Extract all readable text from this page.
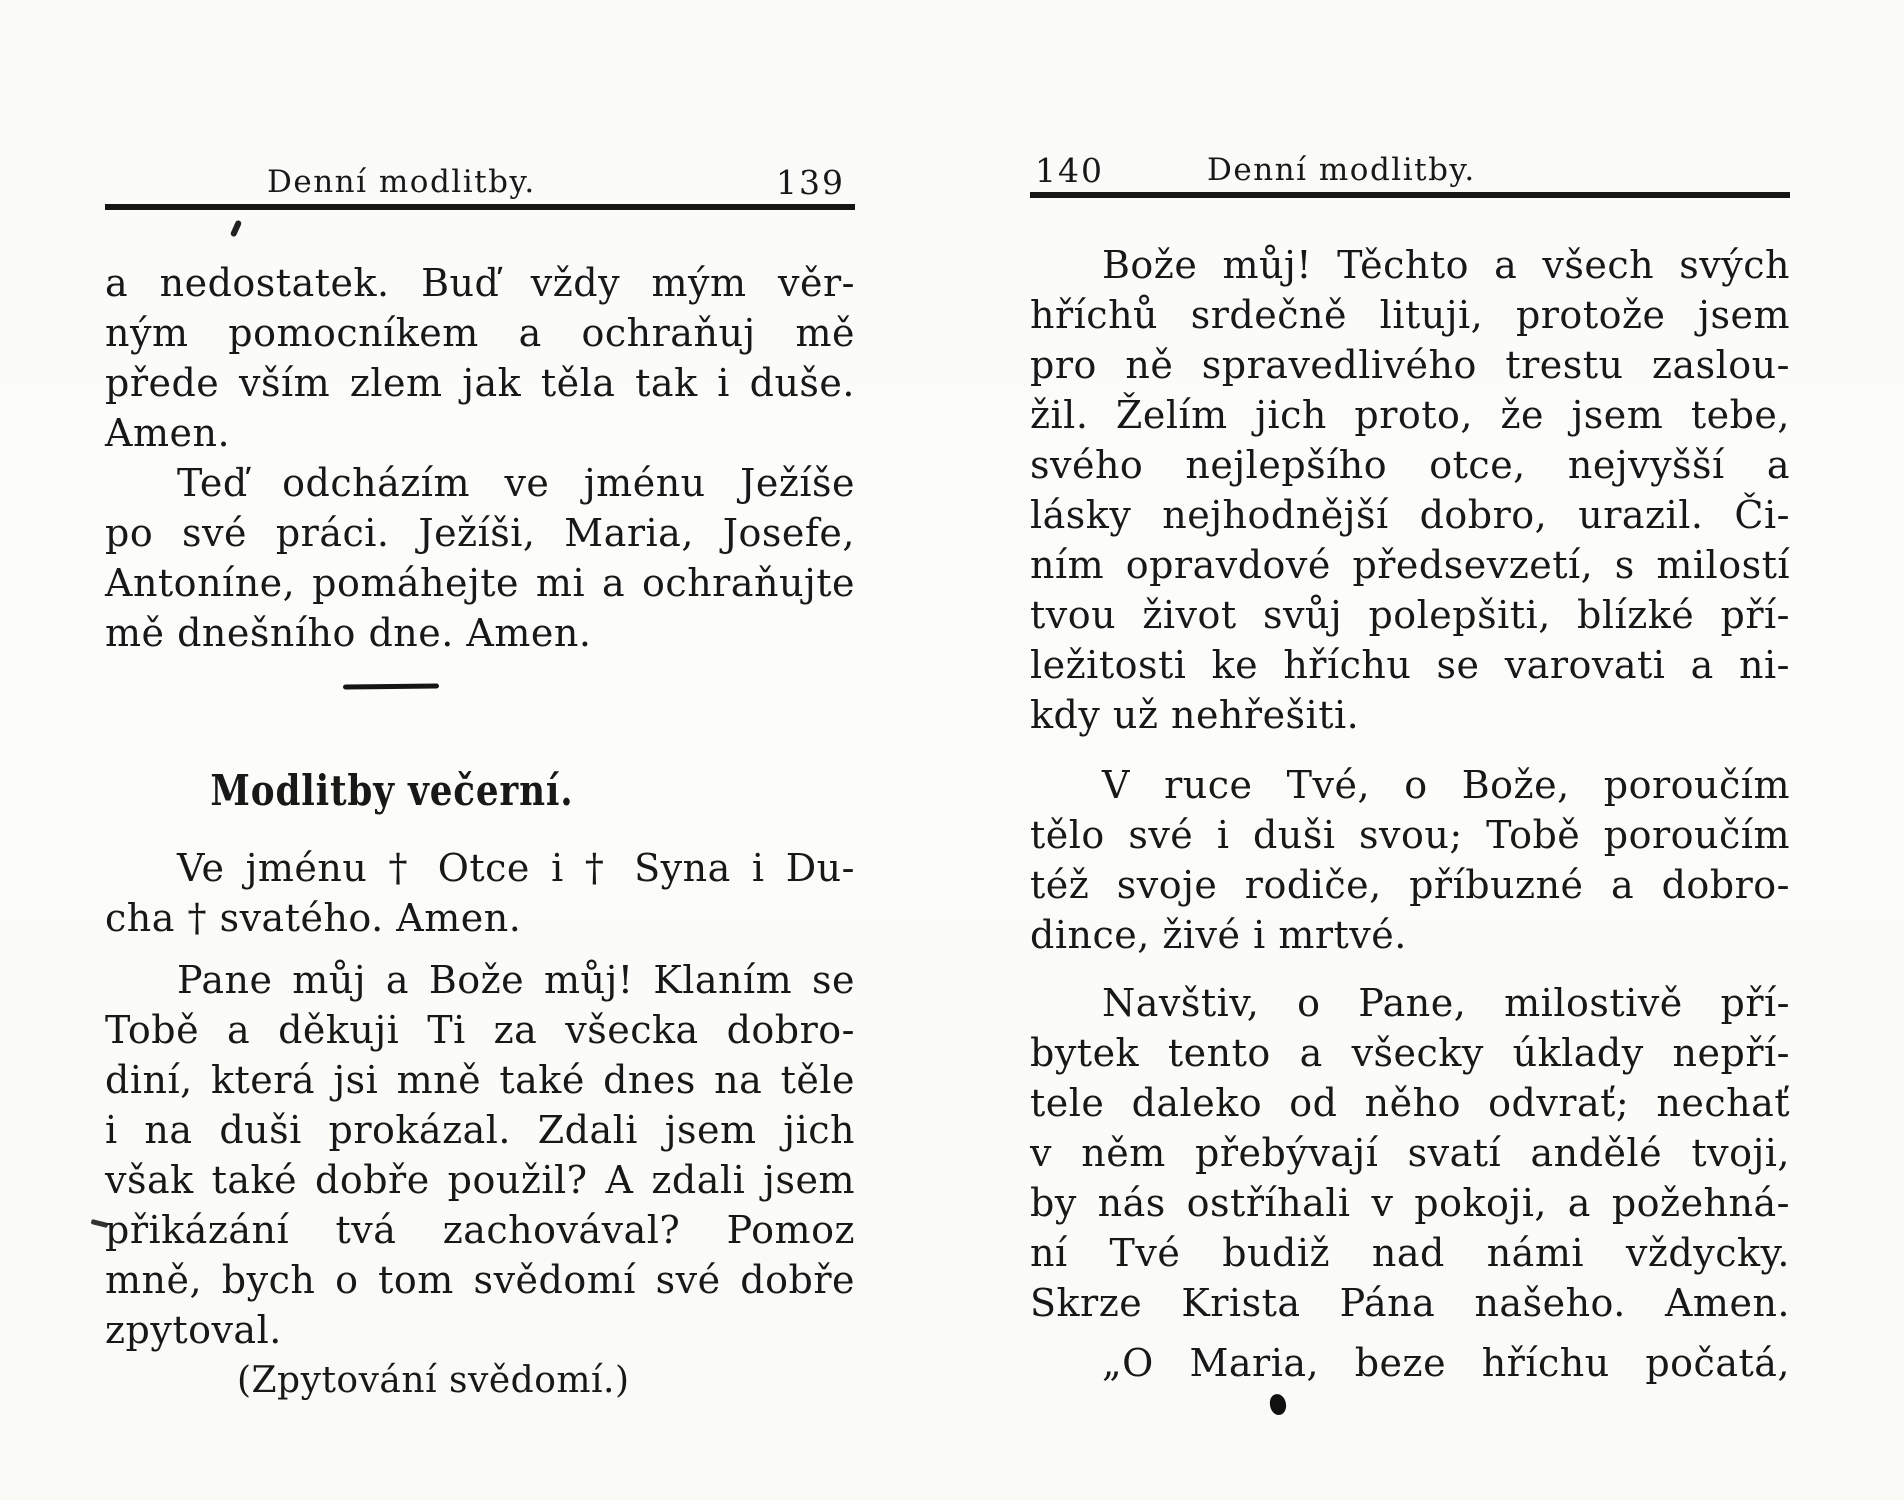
Denní modlitby.	139
a nedostatek. Buď vždy mým věr-
ným pomocníkem a ochraňuj mě
přede vším zlem jak těla tak i duše.
Amen.
Teď odcházím ve jménu Ježíše
po své práci. Ježíši, Maria, Josefe,
Antoníne, pomáhejte mi a ochraňujte
mě dnešního dne. Amen.
Modlitby večerní.
Ve jménu † Otce i † Syna i Du-
cha † svatého. Amen.
Pane můj a Bože můj! Klaním se
Tobě a děkuji Ti za všecka dobro-
diní, která jsi mně také dnes na těle
i na duši prokázal. Zdali jsem jich
však také dobře použil? A zdali jsem
přikázání tvá zachovával? Pomoz
mně, bych o tom svědomí své dobře
zpytoval.
(Zpytování svědomí.)
140	Denní modlitby.
Bože můj! Těchto a všech svých
hříchů srdečně lituji, protože jsem
pro ně spravedlivého trestu zaslou-
žil. Želím jich proto, že jsem tebe,
svého nejlepšího otce, nejvyšší a
lásky nejhodnější dobro, urazil. Či-
ním opravdové předsevzetí, s milostí
tvou život svůj polepšiti, blízké pří-
ležitosti ke hříchu se varovati a ni-
kdy už nehřešiti.
V ruce Tvé, o Bože, poroučím
tělo své i duši svou; Tobě poroučím
též svoje rodiče, příbuzné a dobro-
dince, živé i mrtvé.
Navštiv, o Pane, milostivě pří-
bytek tento a všecky úklady nepří-
tele daleko od něho odvrať; nechať
v něm přebývají svatí andělé tvoji,
by nás ostříhali v pokoji, a požehná-
ní Tvé budiž nad námi vždycky.
Skrze Krista Pána našeho. Amen.
„O Maria, beze hříchu počatá,
